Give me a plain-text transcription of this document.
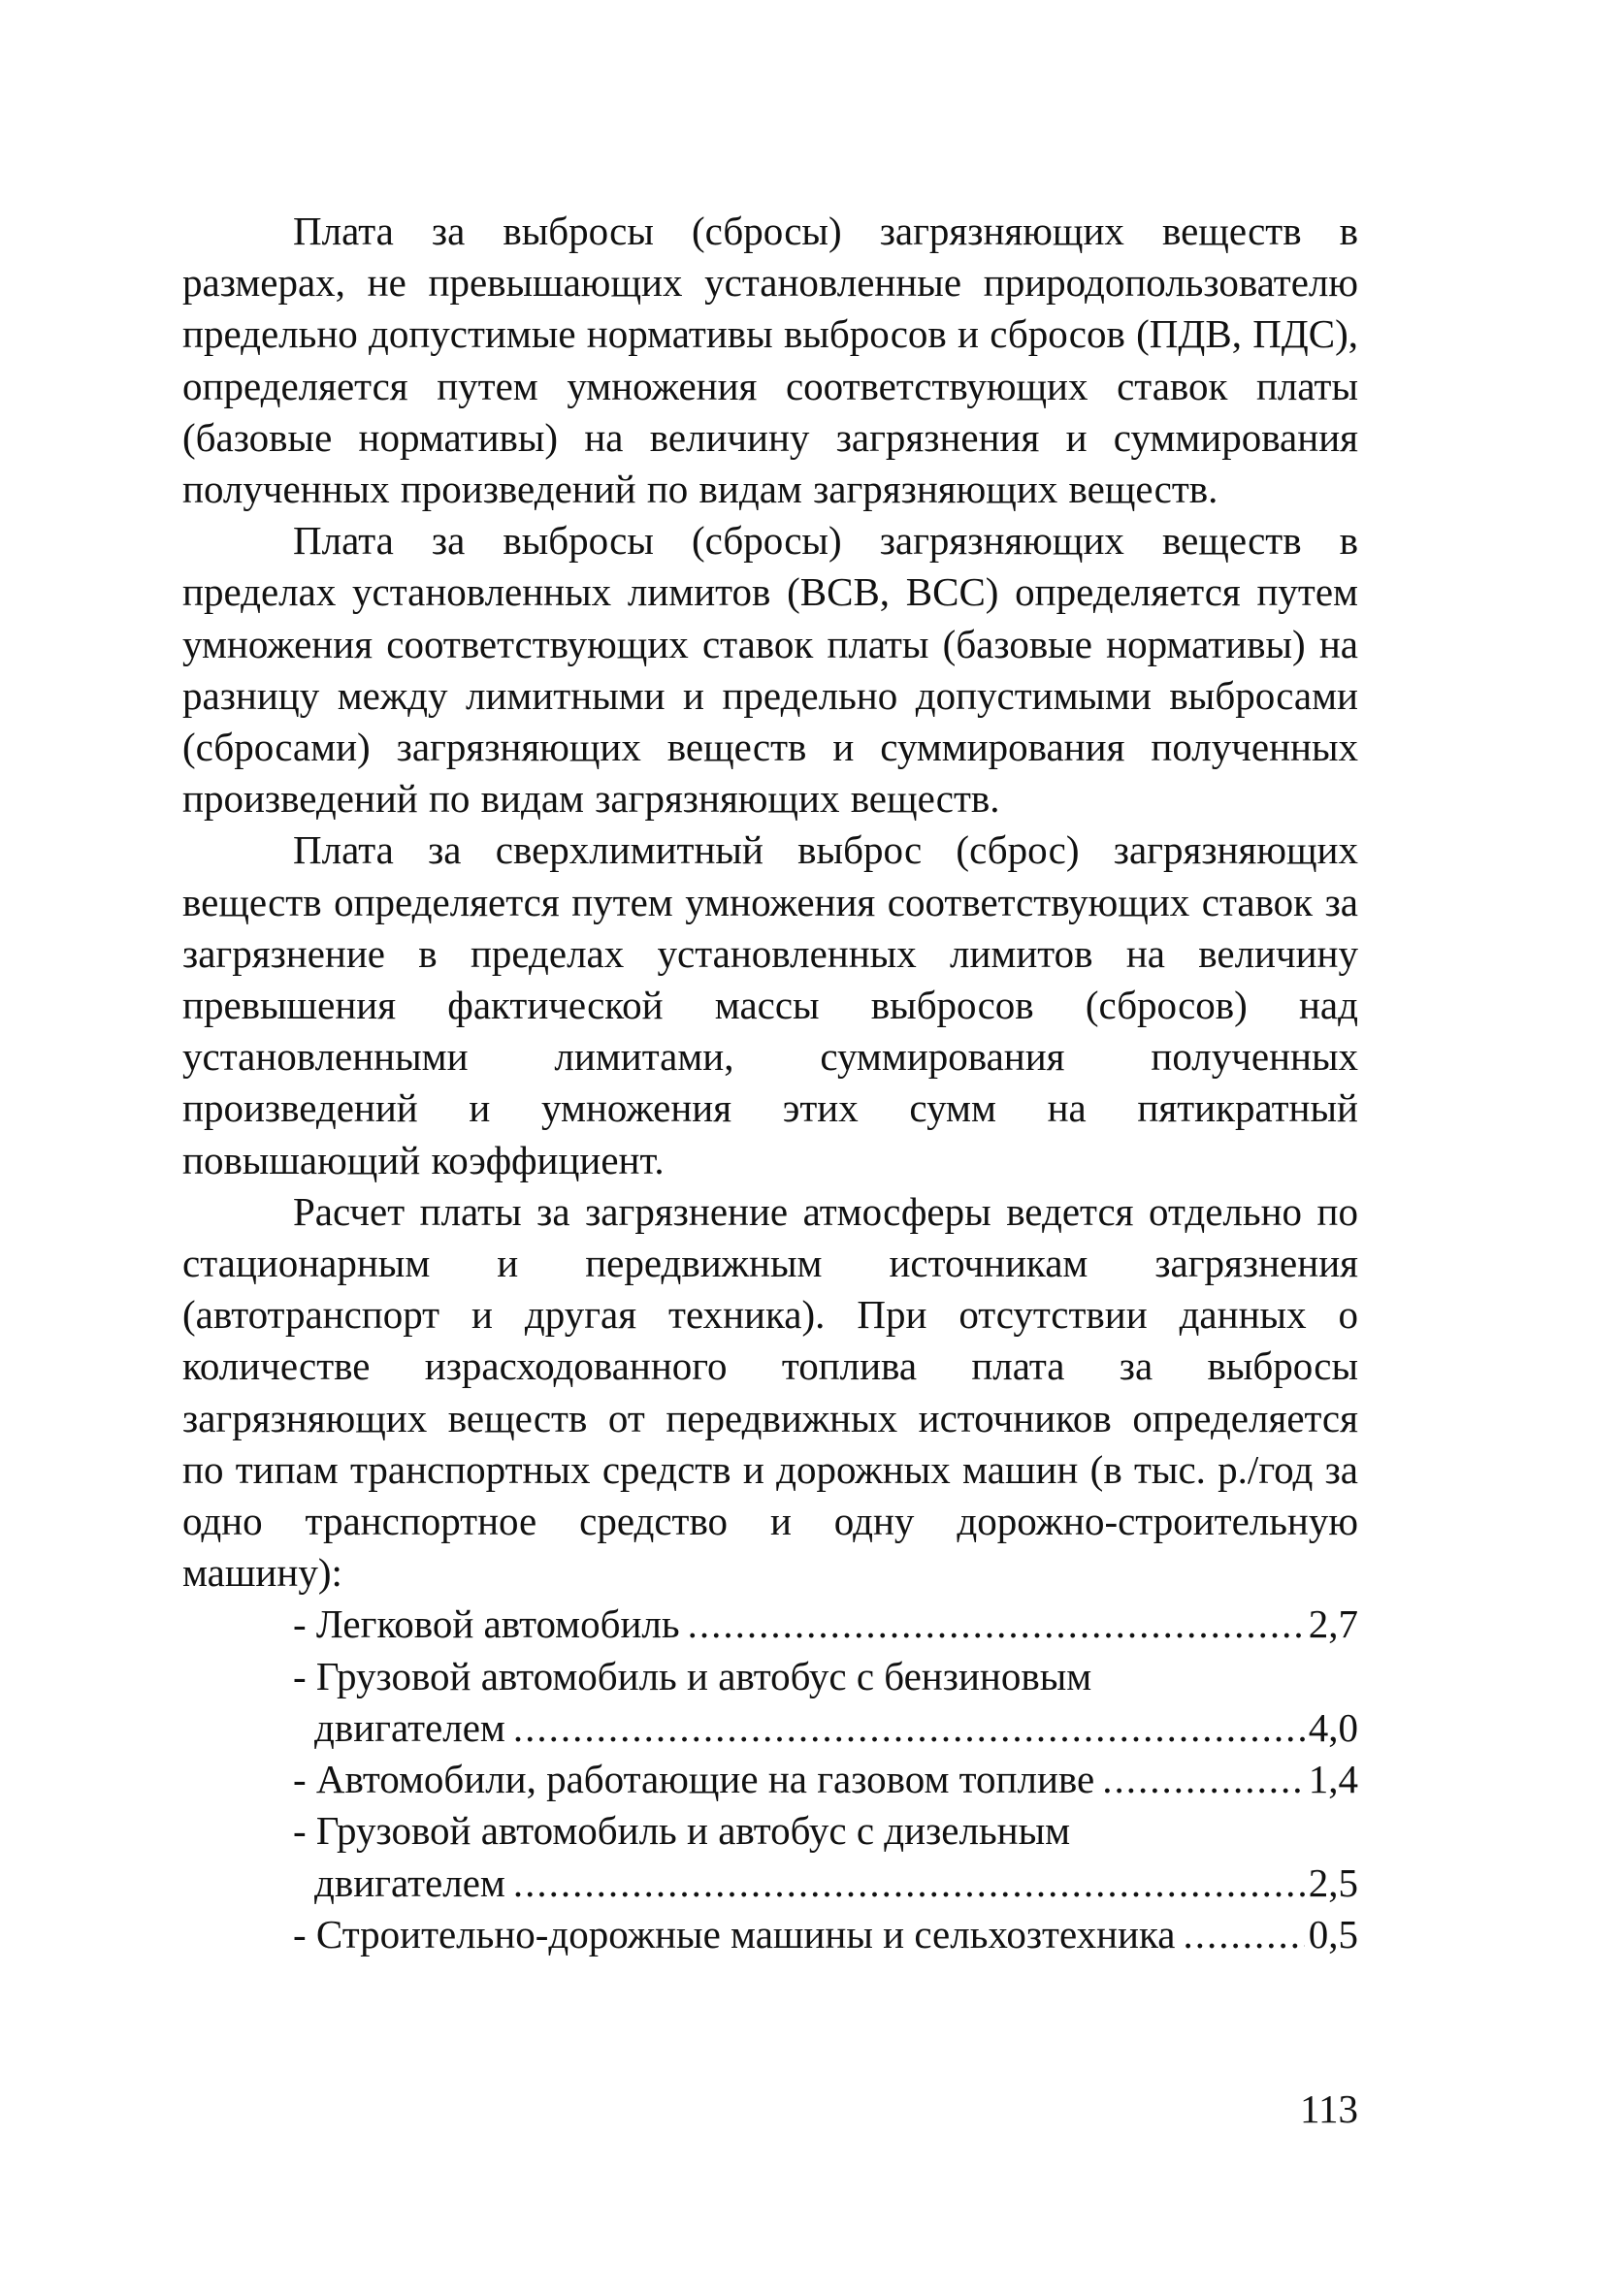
Плата за выбросы (сбросы) загрязняющих веществ в размерах, не превышающих установленные природопользователю предельно допустимые нормативы выбросов и сбросов (ПДВ, ПДС), определяется путем умножения соответствующих ставок платы (базовые нормативы) на величину загрязнения и суммирования полученных произведений по видам загрязняющих веществ.

Плата за выбросы (сбросы) загрязняющих веществ в пределах установленных лимитов (ВСВ, ВСС) определяется путем умножения соответствующих ставок платы (базовые нормативы) на разницу между лимитными и предельно допустимыми выбросами (сбросами) загрязняющих веществ и суммирования полученных произведений по видам загрязняющих веществ.

Плата за сверхлимитный выброс (сброс) загрязняющих веществ определяется путем умножения соответствующих ставок за загрязнение в пределах установленных лимитов на величину превышения фактической массы выбросов (сбросов) над установленными лимитами, суммирования полученных произведений и умножения этих сумм на пятикратный повышающий коэффициент.

Расчет платы за загрязнение атмосферы ведется отдельно по стационарным и передвижным источникам загрязнения (автотранспорт и другая техника). При отсутствии данных о количестве израсходованного топлива плата за выбросы загрязняющих веществ от передвижных источников определяется по типам транспортных средств и дорожных машин (в тыс. р./год за одно транспортное средство и одну дорожно-строительную машину):

- Легковой автомобиль .....	2,7
- Грузовой автомобиль и автобус с бензиновым
двигателем .....	4,0
- Автомобили, работающие на газовом топливе .....	1,4
- Грузовой автомобиль и автобус с дизельным
двигателем .....	2,5
- Строительно-дорожные машины и сельхозтехника .....	0,5
113
